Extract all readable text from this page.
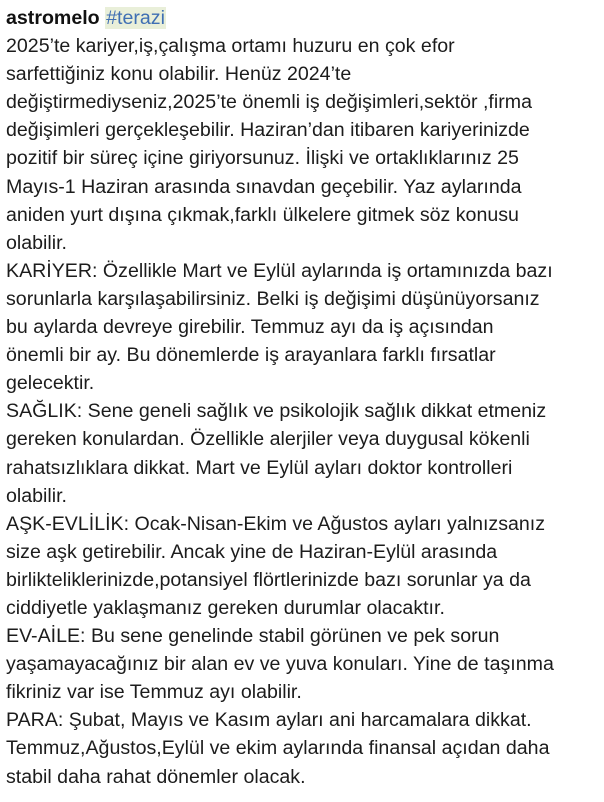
astromelo #terazi
2025’te kariyer,iş,çalışma ortamı huzuru en çok efor
sarfettiğiniz konu olabilir. Henüz 2024’te
değiştirmediyseniz,2025’te önemli iş değişimleri,sektör ,firma
değişimleri gerçekleşebilir. Haziran’dan itibaren kariyerinizde
pozitif bir süreç içine giriyorsunuz. İlişki ve ortaklıklarınız 25
Mayıs-1 Haziran arasında sınavdan geçebilir. Yaz aylarında
aniden yurt dışına çıkmak,farklı ülkelere gitmek söz konusu
olabilir.
KARİYER: Özellikle Mart ve Eylül aylarında iş ortamınızda bazı
sorunlarla karşılaşabilirsiniz. Belki iş değişimi düşünüyorsanız
bu aylarda devreye girebilir. Temmuz ayı da iş açısından
önemli bir ay. Bu dönemlerde iş arayanlara farklı fırsatlar
gelecektir.
SAĞLIK: Sene geneli sağlık ve psikolojik sağlık dikkat etmeniz
gereken konulardan. Özellikle alerjiler veya duygusal kökenli
rahatsızlıklara dikkat. Mart ve Eylül ayları doktor kontrolleri
olabilir.
AŞK-EVLİLİK: Ocak-Nisan-Ekim ve Ağustos ayları yalnızsanız
size aşk getirebilir. Ancak yine de Haziran-Eylül arasında
birlikteliklerinizde,potansiyel flörtlerinizde bazı sorunlar ya da
ciddiyetle yaklaşmanız gereken durumlar olacaktır.
EV-AİLE: Bu sene genelinde stabil görünen ve pek sorun
yaşamayacağınız bir alan ev ve yuva konuları. Yine de taşınma
fikriniz var ise Temmuz ayı olabilir.
PARA: Şubat, Mayıs ve Kasım ayları ani harcamalara dikkat.
Temmuz,Ağustos,Eylül ve ekim aylarında finansal açıdan daha
stabil daha rahat dönemler olacak.
